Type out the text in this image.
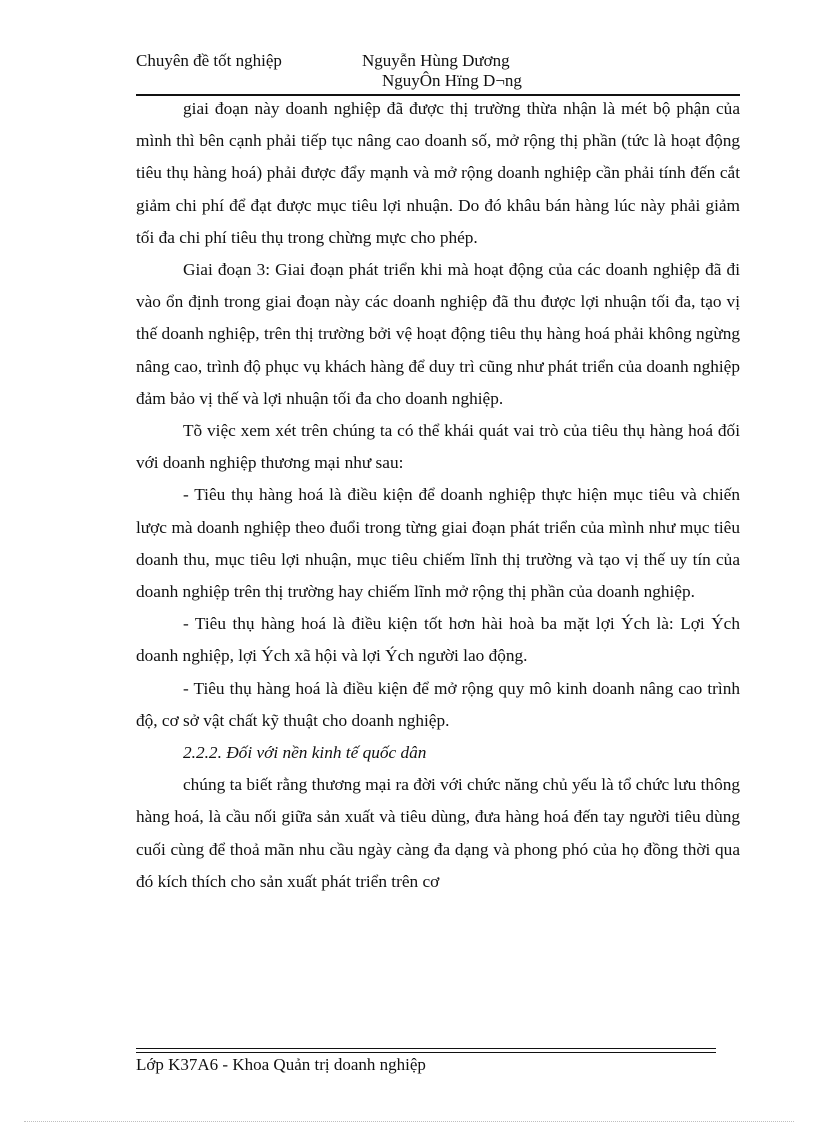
Chuyên đề tốt nghiệp	Nguyễn Hùng Dương
NguyÔn Hïng D¬ng

giai đoạn này doanh nghiệp đã được thị trường thừa nhận là mét bộ phận của mình thì bên cạnh phải tiếp tục nâng cao doanh số, mở rộng thị phần (tức là hoạt động tiêu thụ hàng hoá) phải được đẩy mạnh và mở rộng doanh nghiệp cần phải tính đến cắt giảm chi phí để đạt được mục tiêu lợi nhuận. Do đó khâu bán hàng lúc này phải giảm tối đa chi phí tiêu thụ trong chừng mực cho phép.

Giai đoạn 3: Giai đoạn phát triển khi mà hoạt động của các doanh nghiệp đã đi vào ổn định trong giai đoạn này các doanh nghiệp đã thu được lợi nhuận tối đa, tạo vị thế doanh nghiệp, trên thị trường bởi vệ hoạt động tiêu thụ hàng hoá phải không ngừng nâng cao, trình độ phục vụ khách hàng để duy trì cũng như phát triển của doanh nghiệp đảm bảo vị thế và lợi nhuận tối đa cho doanh nghiệp.

Tõ việc xem xét trên chúng ta có thể khái quát vai trò của tiêu thụ hàng hoá đối với doanh nghiệp thương mại như sau:

- Tiêu thụ hàng hoá là điều kiện để doanh nghiệp thực hiện mục tiêu và chiến lược mà doanh nghiệp theo đuổi trong từng giai đoạn phát triển của mình như mục tiêu doanh thu, mục tiêu lợi nhuận, mục tiêu chiếm lĩnh thị trường và tạo vị thế uy tín của doanh nghiệp trên thị trường hay chiếm lĩnh mở rộng thị phần của doanh nghiệp.

- Tiêu thụ hàng hoá là điều kiện tốt hơn hài hoà ba mặt lợi Ých là: Lợi Ých doanh nghiệp, lợi Ých xã hội và lợi Ých người lao động.

- Tiêu thụ hàng hoá là điều kiện để mở rộng quy mô kinh doanh nâng cao trình độ, cơ sở vật chất kỹ thuật cho doanh nghiệp.

2.2.2. Đối với nền kinh tế quốc dân

chúng ta biết rằng thương mại ra đời với chức năng chủ yếu là tổ chức lưu thông hàng hoá, là cầu nối giữa sản xuất và tiêu dùng, đưa hàng hoá đến tay người tiêu dùng cuối cùng để thoả mãn nhu cầu ngày càng đa dạng và phong phó của họ đồng thời qua đó kích thích cho sản xuất phát triển trên cơ

Lớp K37A6 - Khoa Quản trị doanh nghiệp
